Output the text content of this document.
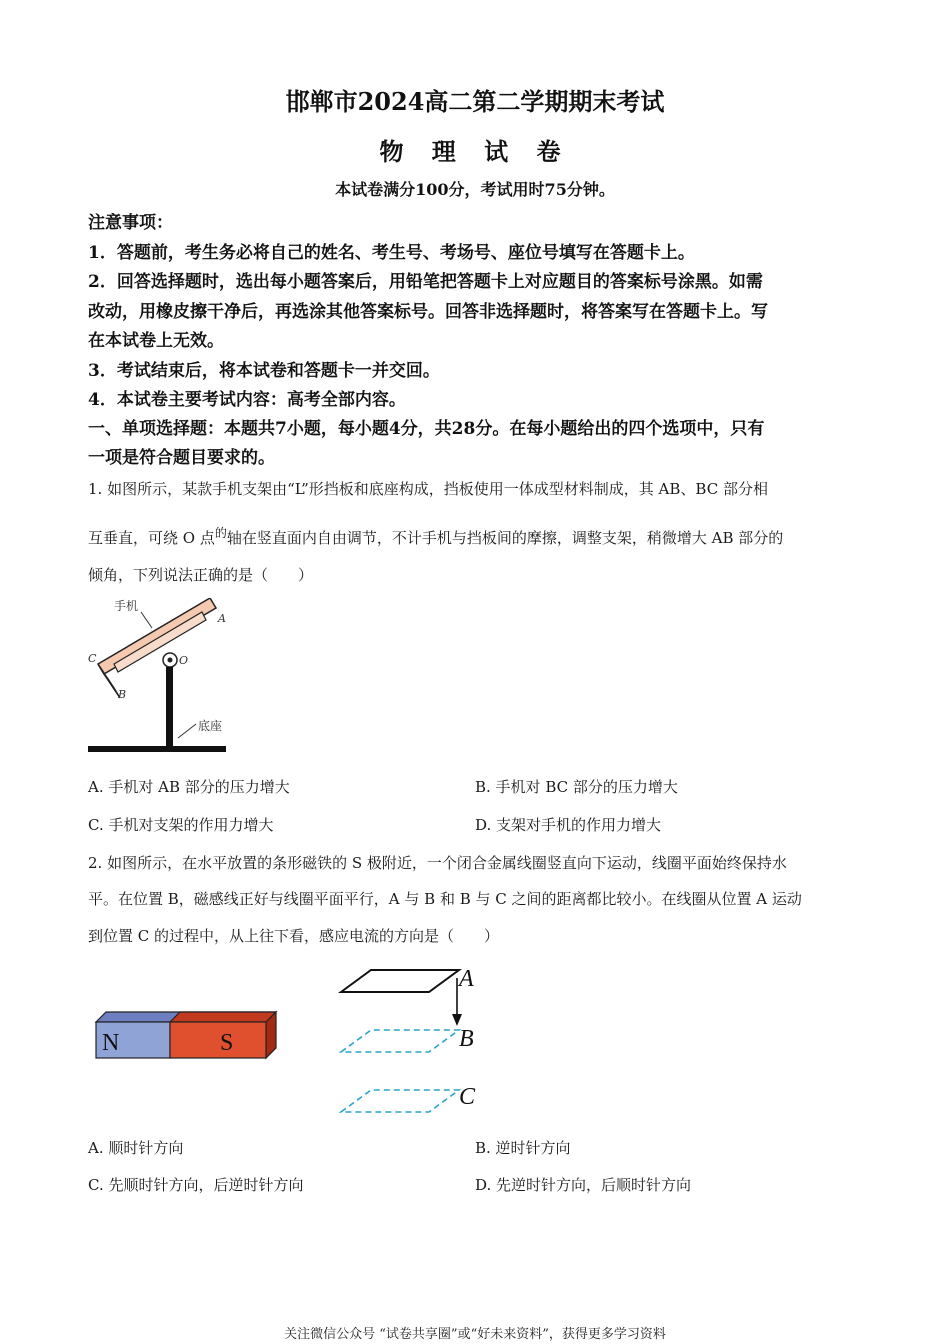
邯郸市2024高二第二学期期末考试
物 理 试 卷
本试卷满分100分，考试用时75分钟。
注意事项：
1．答题前，考生务必将自己的姓名、考生号、考场号、座位号填写在答题卡上。
2．回答选择题时，选出每小题答案后，用铅笔把答题卡上对应题目的答案标号涂黑。如需
改动，用橡皮擦干净后，再选涂其他答案标号。回答非选择题时，将答案写在答题卡上。写
在本试卷上无效。
3．考试结束后，将本试卷和答题卡一并交回。
4．本试卷主要考试内容：高考全部内容。
一、单项选择题：本题共7小题，每小题4分，共28分。在每小题给出的四个选项中，只有
一项是符合题目要求的。
1. 如图所示，某款手机支架由“L”形挡板和底座构成，挡板使用一体成型材料制成，其 AB、BC 部分相
互垂直，可绕 O 点$^的$轴在竖直面内自由调节，不计手机与挡板间的摩擦，调整支架，稍微增大 AB 部分的
倾角，下列说法正确的是（　　）
手机
A
C
B
O
底座
A. 手机对 AB 部分的压力增大	B. 手机对 BC 部分的压力增大
C. 手机对支架的作用力增大	D. 支架对手机的作用力增大
2. 如图所示，在水平放置的条形磁铁的 S 极附近，一个闭合金属线圈竖直向下运动，线圈平面始终保持水
平。在位置 B，磁感线正好与线圈平面平行，A 与 B 和 B 与 C 之间的距离都比较小。在线圈从位置 A 运动
到位置 C 的过程中，从上往下看，感应电流的方向是（　　）
N	S
A
B
C
A. 顺时针方向	B. 逆时针方向
C. 先顺时针方向，后逆时针方向	D. 先逆时针方向，后顺时针方向
关注微信公众号 “试卷共享圈”或“好未来资料”，获得更多学习资料
